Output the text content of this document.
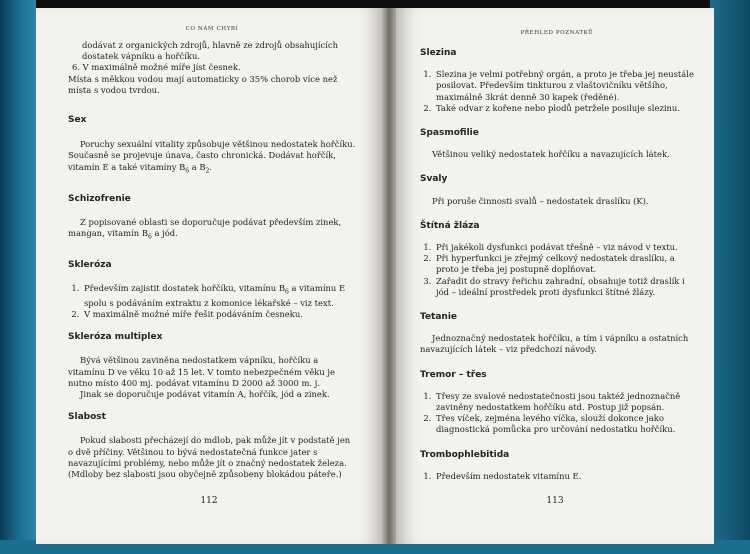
CO NÁM CHYBÍ

dodávat z organických zdrojů, hlavně ze zdrojů obsahujících dostatek vápníku a hořčíku.

6. V maximálně možné míře jíst česnek.

Místa s měkkou vodou mají automaticky o 35% chorob více než místa s vodou tvrdou.

Sex

Poruchy sexuální vitality způsobuje většinou nedostatek hořčíku. Současně se projevuje únava, často chronická. Dodávat hořčík, vitamín E a také vitamíny $B_6$ a $B_2$.

Schizofrenie

Z popisované oblasti se doporučuje podávat především zinek, mangan, vitamín $B_6$ a jód.

Skleróza

1. Především zajistit dostatek hořčíku, vitamínu $B_6$ a vitamínu E spolu s podáváním extraktu z komonice lékařské – viz text.
2. V maximálně možné míře řešit podáváním česneku.

Skleróza multiplex

Bývá většinou zaviněna nedostatkem vápníku, hořčíku a vitamínu D ve věku 10 až 15 let. V tomto nebezpečném věku je nutno místo 400 mj. podávat vitamínu D 2000 až 3000 m. j.

Jinak se doporučuje podávat vitamín A, hořčík, jód a zinek.

Slabost

Pokud slabosti přecházejí do mdlob, pak může jít v podstatě jen o dvě příčiny. Většinou to bývá nedostatečná funkce jater s navazujícími problémy, nebo může jít o značný nedostatek železa. (Mdloby bez slabosti jsou obyčejně způsobeny blokádou páteře.)

112
PŘEHLED POZNATKŮ

Slezina

1. Slezina je velmi potřebný orgán, a proto je třeba jej neustále posilovat. Především tinkturou z vlaštovičníku většího, maximálně 3krát denně 30 kapek (ředěné).
2. Také odvar z kořene nebo plodů petržele posiluje slezinu.

Spasmofilie

Většinou veliký nedostatek hořčíku a navazujících látek.

Svaly

Při poruše činnosti svalů – nedostatek draslíku (K).

Štítná žláza

1. Při jakékoli dysfunkci podávat třešně – viz návod v textu.
2. Při hyperfunkci je zřejmý celkový nedostatek draslíku, a proto je třeba jej postupně doplňovat.
3. Zařadit do stravy řeřichu zahradní, obsahuje totiž draslík i jód – ideální prostředek proti dysfunkci štítné žlázy.

Tetanie

Jednoznačný nedostatek hořčíku, a tím i vápníku a ostatních navazujících látek – viz předchozí návody.

Tremor – třes

1. Třesy ze svalové nedostatečnosti jsou taktéž jednoznačně zaviněny nedostatkem hořčíku atd. Postup již popsán.
2. Třes víček, zejména levého víčka, slouží dokonce jako diagnostická pomůcka pro určování nedostatku hořčíku.

Trombophlebitida

1. Především nedostatek vitamínu E.
113
